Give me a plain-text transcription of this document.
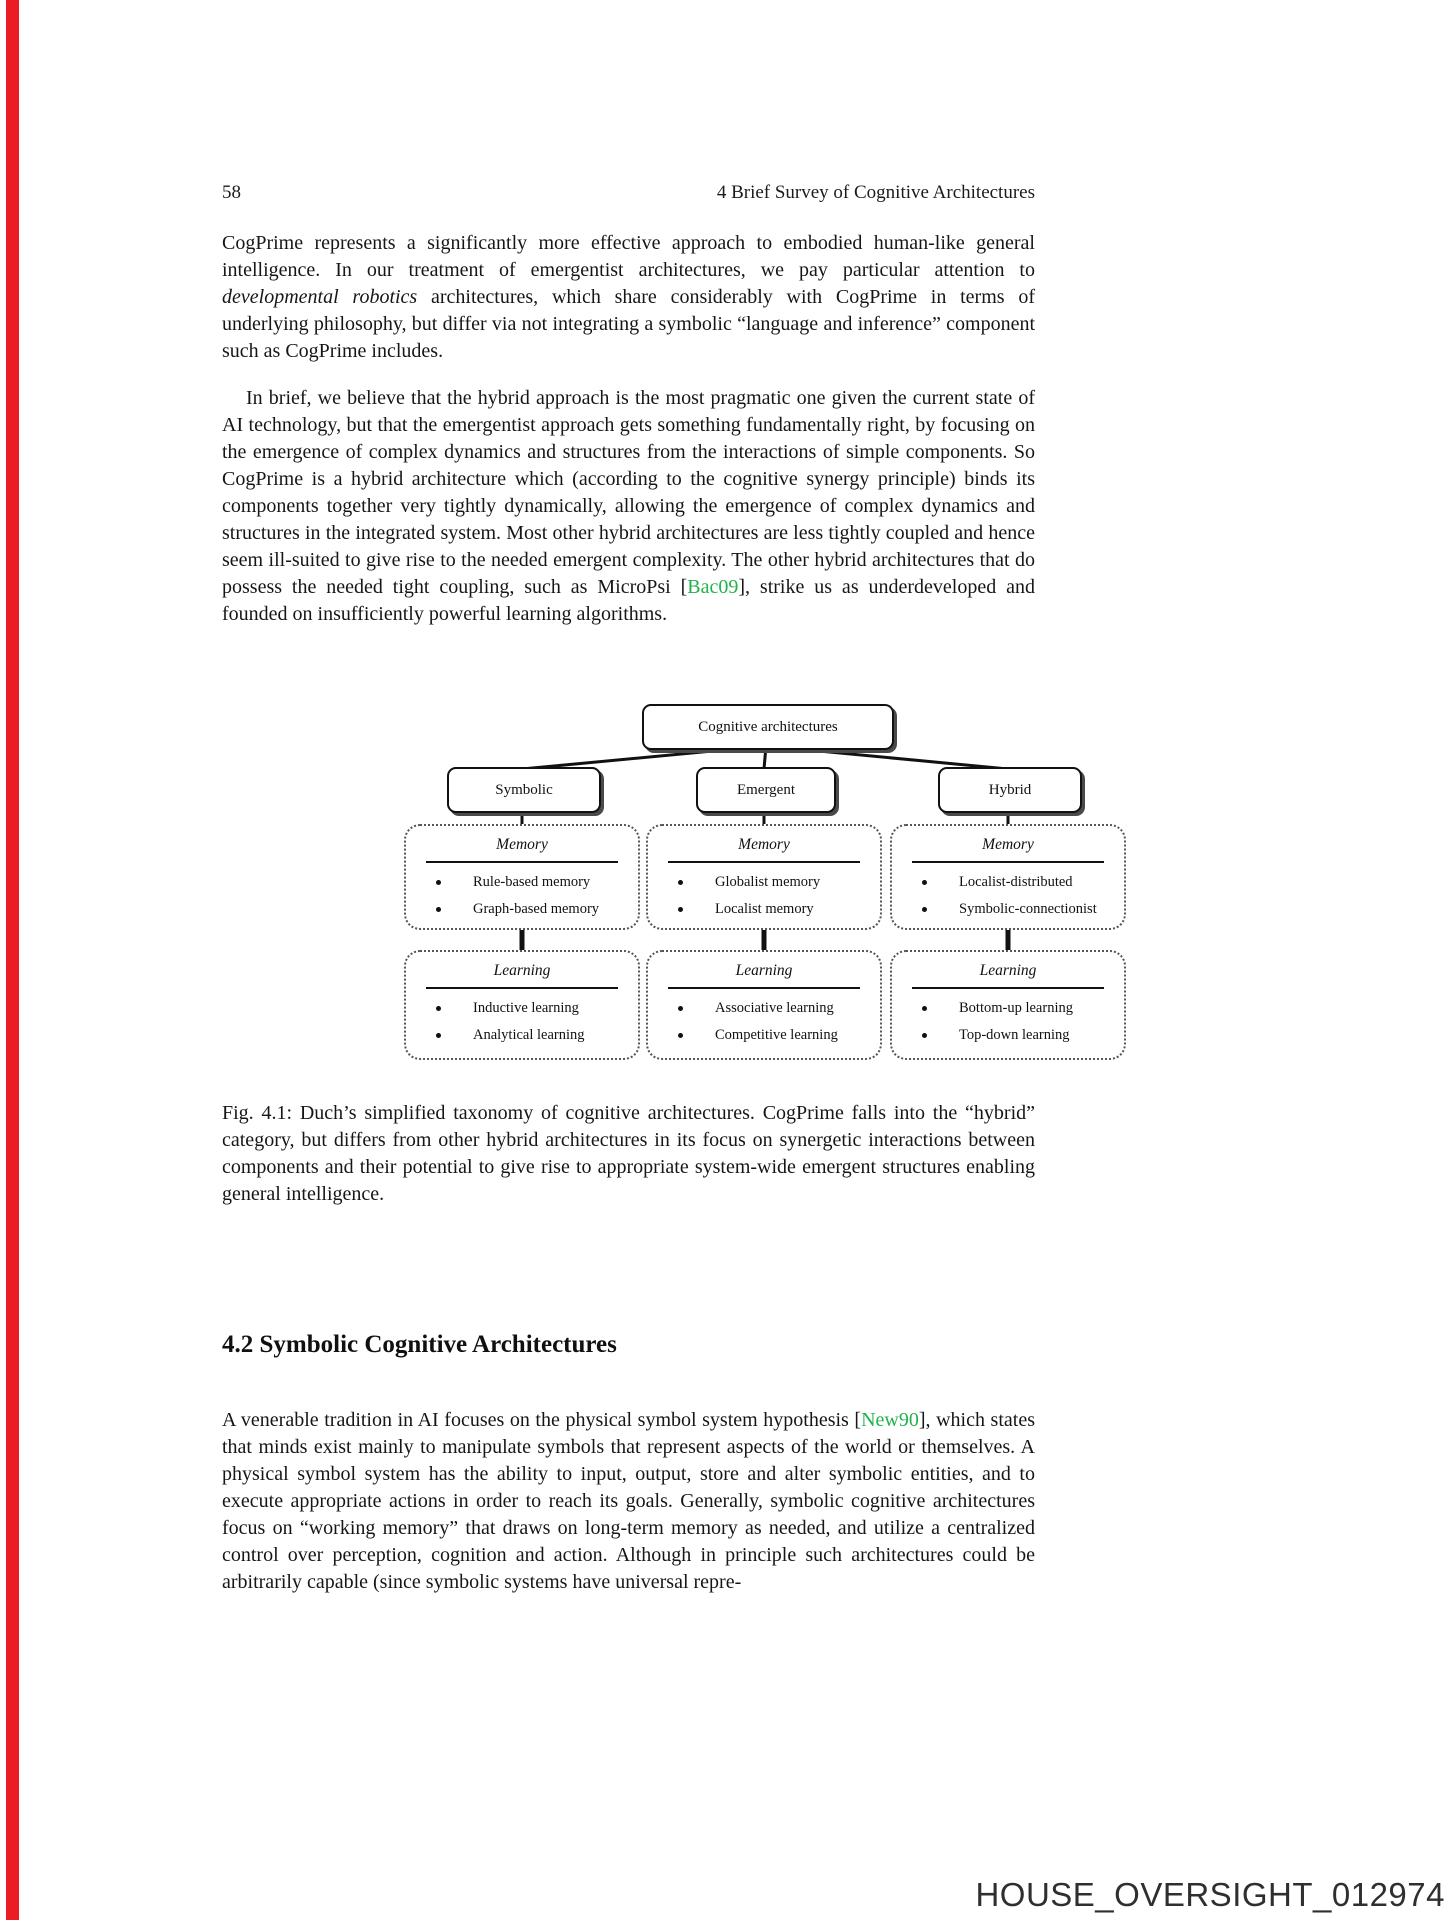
58	4 Brief Survey of Cognitive Architectures

CogPrime represents a significantly more effective approach to embodied human-like general intelligence. In our treatment of emergentist architectures, we pay particular attention to developmental robotics architectures, which share considerably with CogPrime in terms of underlying philosophy, but differ via not integrating a symbolic “language and inference” component such as CogPrime includes.

In brief, we believe that the hybrid approach is the most pragmatic one given the current state of AI technology, but that the emergentist approach gets something fundamentally right, by focusing on the emergence of complex dynamics and structures from the interactions of simple components. So CogPrime is a hybrid architecture which (according to the cognitive synergy principle) binds its components together very tightly dynamically, allowing the emergence of complex dynamics and structures in the integrated system. Most other hybrid architectures are less tightly coupled and hence seem ill-suited to give rise to the needed emergent complexity. The other hybrid architectures that do possess the needed tight coupling, such as MicroPsi [Bac09], strike us as underdeveloped and founded on insufficiently powerful learning algorithms.

Cognitive architectures
Symbolic	Emergent	Hybrid
Memory
Rule-based memory
Graph-based memory
Memory
Globalist memory
Localist memory
Memory
Localist-distributed
Symbolic-connectionist
Learning
Inductive learning
Analytical learning
Learning
Associative learning
Competitive learning
Learning
Bottom-up learning
Top-down learning

Fig. 4.1: Duch’s simplified taxonomy of cognitive architectures. CogPrime falls into the “hybrid” category, but differs from other hybrid architectures in its focus on synergetic interactions between components and their potential to give rise to appropriate system-wide emergent structures enabling general intelligence.

4.2 Symbolic Cognitive Architectures

A venerable tradition in AI focuses on the physical symbol system hypothesis [New90], which states that minds exist mainly to manipulate symbols that represent aspects of the world or themselves. A physical symbol system has the ability to input, output, store and alter symbolic entities, and to execute appropriate actions in order to reach its goals. Generally, symbolic cognitive architectures focus on “working memory” that draws on long-term memory as needed, and utilize a centralized control over perception, cognition and action. Although in principle such architectures could be arbitrarily capable (since symbolic systems have universal repre-

HOUSE_OVERSIGHT_012974
